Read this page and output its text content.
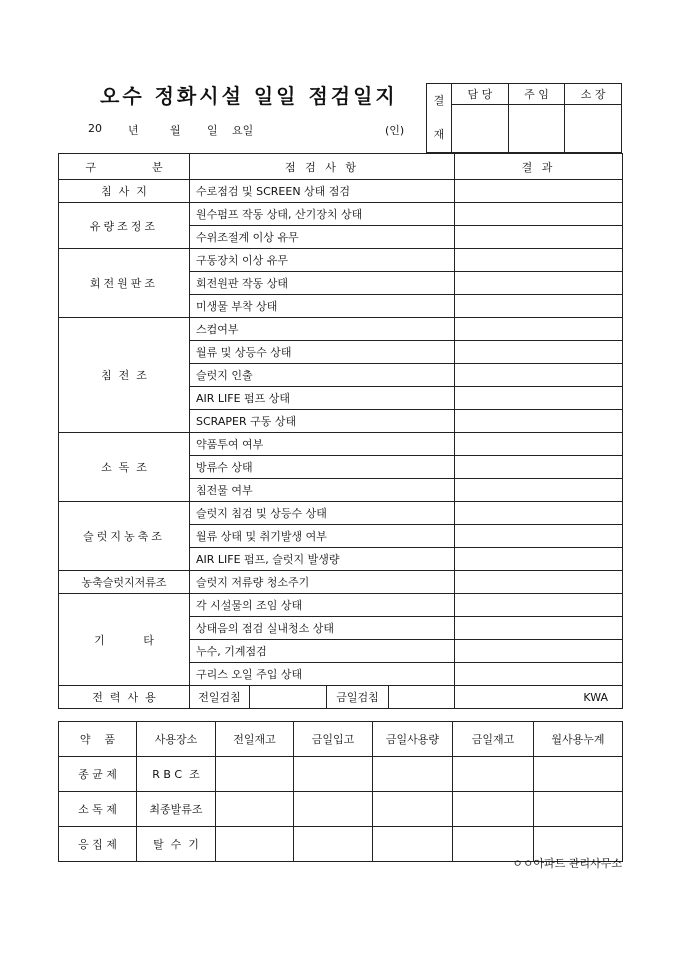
오수 정화시설 일일 점검일지
20 년	월 일 요일	(인)
결
재	담 당	주 임	소 장

구                분	점 검 사 항				결 과
침  사  지	수로점검 및 SCREEN 상태 점검				
유량조정조	원수펌프 작동 상태, 산기장치 상태				
	수위조절계 이상 유무				
회전원판조	구동장치 이상 유무				
	회전원판 작동 상태				
	미생물 부착 상태				
침  전  조	스컴여부				
	월류 및 상등수 상태				
	슬럿지 인출				
	AIR LIFE 펌프 상태				
	SCRAPER 구동 상태				
소  독  조	약품투여 여부				
	방류수 상태				
	침전물 여부				
슬럿지농축조	슬럿지 침검 및 상등수 상태				
	월류 상태 및 취기발생 여부				
	AIR LIFE 펌프, 슬럿지 발생량				
농축슬럿지저류조	슬럿지 저류량 청소주기				
기           타	각 시설물의 조임 상태				
	상태음의 점검 실내청소 상태				
	누수, 기계점검				
	구리스 오일 주입 상태				
전  력  사  용	전일검침		금일검침		KWA
약    품	사용장소	전일재고	금일입고	금일사용량	금일재고	월사용누계
종 균 제	R B C  조					
소 독 제	최종발류조					
응 집 제	탈  수  기					
ㅇㅇ아파트 관리사무소
